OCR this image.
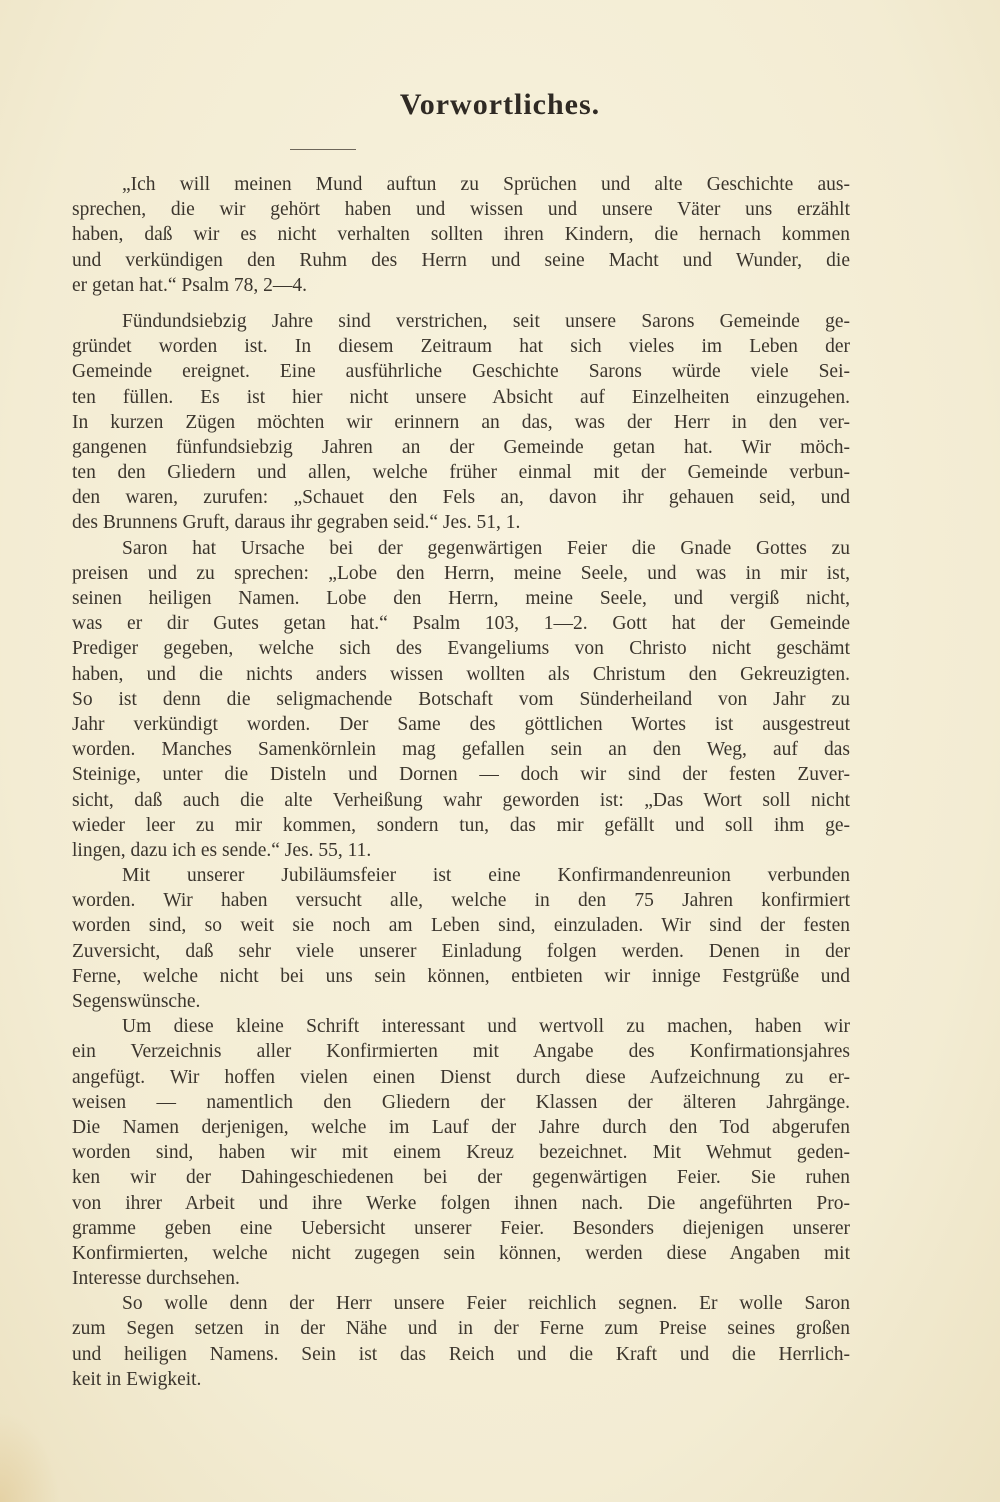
Vorwortliches.
„Ich will meinen Mund auftun zu Sprüchen und alte Geschichte aus-
sprechen, die wir gehört haben und wissen und unsere Väter uns erzählt
haben, daß wir es nicht verhalten sollten ihren Kindern, die hernach kommen
und verkündigen den Ruhm des Herrn und seine Macht und Wunder, die
er getan hat.“ Psalm 78, 2—4.
Fündundsiebzig Jahre sind verstrichen, seit unsere Sarons Gemeinde ge-
gründet worden ist. In diesem Zeitraum hat sich vieles im Leben der
Gemeinde ereignet. Eine ausführliche Geschichte Sarons würde viele Sei-
ten füllen. Es ist hier nicht unsere Absicht auf Einzelheiten einzugehen.
In kurzen Zügen möchten wir erinnern an das, was der Herr in den ver-
gangenen fünfundsiebzig Jahren an der Gemeinde getan hat. Wir möch-
ten den Gliedern und allen, welche früher einmal mit der Gemeinde verbun-
den waren, zurufen: „Schauet den Fels an, davon ihr gehauen seid, und
des Brunnens Gruft, daraus ihr gegraben seid.“ Jes. 51, 1.
Saron hat Ursache bei der gegenwärtigen Feier die Gnade Gottes zu
preisen und zu sprechen: „Lobe den Herrn, meine Seele, und was in mir ist,
seinen heiligen Namen. Lobe den Herrn, meine Seele, und vergiß nicht,
was er dir Gutes getan hat.“ Psalm 103, 1—2. Gott hat der Gemeinde
Prediger gegeben, welche sich des Evangeliums von Christo nicht geschämt
haben, und die nichts anders wissen wollten als Christum den Gekreuzigten.
So ist denn die seligmachende Botschaft vom Sünderheiland von Jahr zu
Jahr verkündigt worden. Der Same des göttlichen Wortes ist ausgestreut
worden. Manches Samenkörnlein mag gefallen sein an den Weg, auf das
Steinige, unter die Disteln und Dornen — doch wir sind der festen Zuver-
sicht, daß auch die alte Verheißung wahr geworden ist: „Das Wort soll nicht
wieder leer zu mir kommen, sondern tun, das mir gefällt und soll ihm ge-
lingen, dazu ich es sende.“ Jes. 55, 11.
Mit unserer Jubiläumsfeier ist eine Konfirmandenreunion verbunden
worden. Wir haben versucht alle, welche in den 75 Jahren konfirmiert
worden sind, so weit sie noch am Leben sind, einzuladen. Wir sind der festen
Zuversicht, daß sehr viele unserer Einladung folgen werden. Denen in der
Ferne, welche nicht bei uns sein können, entbieten wir innige Festgrüße und
Segenswünsche.
Um diese kleine Schrift interessant und wertvoll zu machen, haben wir
ein Verzeichnis aller Konfirmierten mit Angabe des Konfirmationsjahres
angefügt. Wir hoffen vielen einen Dienst durch diese Aufzeichnung zu er-
weisen — namentlich den Gliedern der Klassen der älteren Jahrgänge.
Die Namen derjenigen, welche im Lauf der Jahre durch den Tod abgerufen
worden sind, haben wir mit einem Kreuz bezeichnet. Mit Wehmut geden-
ken wir der Dahingeschiedenen bei der gegenwärtigen Feier. Sie ruhen
von ihrer Arbeit und ihre Werke folgen ihnen nach. Die angeführten Pro-
gramme geben eine Uebersicht unserer Feier. Besonders diejenigen unserer
Konfirmierten, welche nicht zugegen sein können, werden diese Angaben mit
Interesse durchsehen.
So wolle denn der Herr unsere Feier reichlich segnen. Er wolle Saron
zum Segen setzen in der Nähe und in der Ferne zum Preise seines großen
und heiligen Namens. Sein ist das Reich und die Kraft und die Herrlich-
keit in Ewigkeit.
